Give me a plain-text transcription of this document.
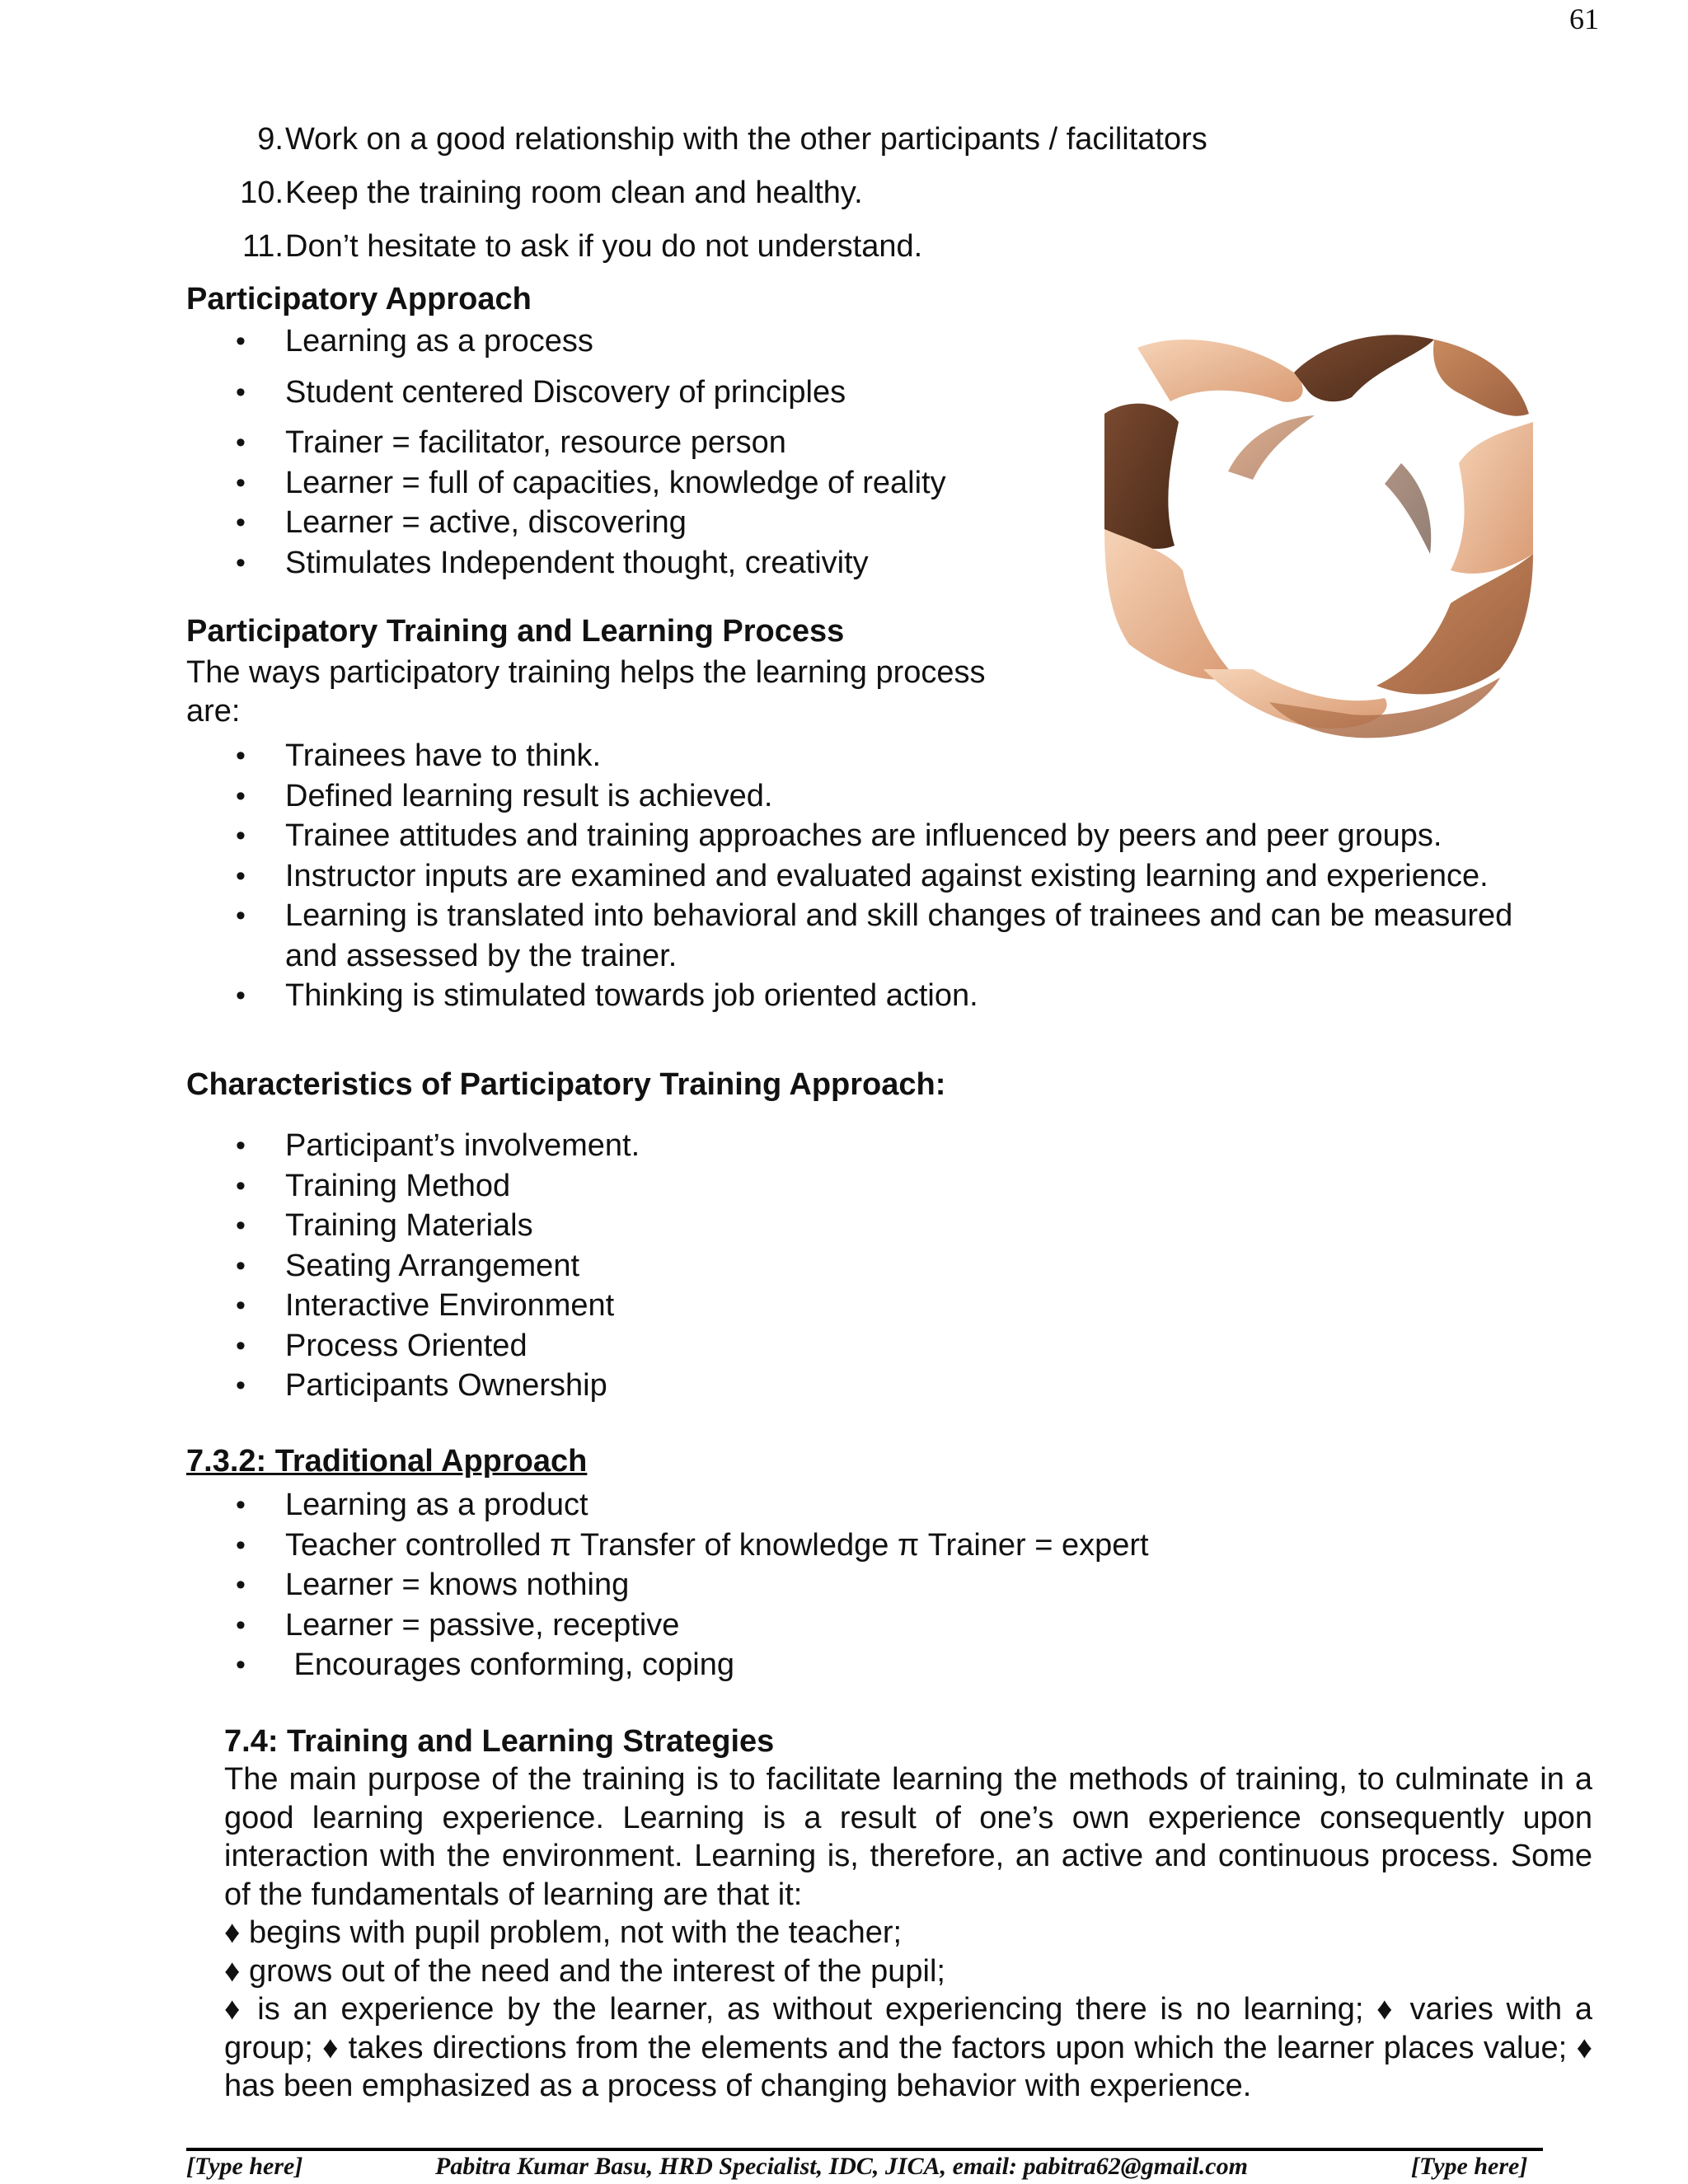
61
9. Work on a good relationship with the other participants / facilitators
10. Keep the training room clean and healthy.
11. Don’t hesitate to ask if you do not understand.
Participatory Approach
• Learning as a process
• Student centered Discovery of principles
• Trainer = facilitator, resource person
• Learner = full of capacities, knowledge of reality
• Learner = active, discovering
• Stimulates Independent thought, creativity
Participatory Training and Learning Process
The ways participatory training helps the learning process
are:
• Trainees have to think.
• Defined learning result is achieved.
• Trainee attitudes and training approaches are influenced by peers and peer groups.
• Instructor inputs are examined and evaluated against existing learning and experience.
• Learning is translated into behavioral and skill changes of trainees and can be measured
and assessed by the trainer.
• Thinking is stimulated towards job oriented action.
Characteristics of Participatory Training Approach:
• Participant’s involvement.
• Training Method
• Training Materials
• Seating Arrangement
• Interactive Environment
• Process Oriented
• Participants Ownership
7.3.2: Traditional Approach
• Learning as a product
• Teacher controlled π Transfer of knowledge π Trainer = expert
• Learner = knows nothing
• Learner = passive, receptive
•  Encourages conforming, coping
7.4: Training and Learning Strategies

The main purpose of the training is to facilitate learning the methods of training, to culminate in a good learning experience. Learning is a result of one’s own experience consequently upon interaction with the environment. Learning is, therefore, an active and continuous process. Some of the fundamentals of learning are that it:

♦ begins with pupil problem, not with the teacher;

♦ grows out of the need and the interest of the pupil;

♦ is an experience by the learner, as without experiencing there is no learning; ♦ varies with a group; ♦ takes directions from the elements and the factors upon which the learner places value; ♦ has been emphasized as a process of changing behavior with experience.

[Type here]	Pabitra Kumar Basu, HRD Specialist, IDC, JICA, email: pabitra62@gmail.com	[Type here]
